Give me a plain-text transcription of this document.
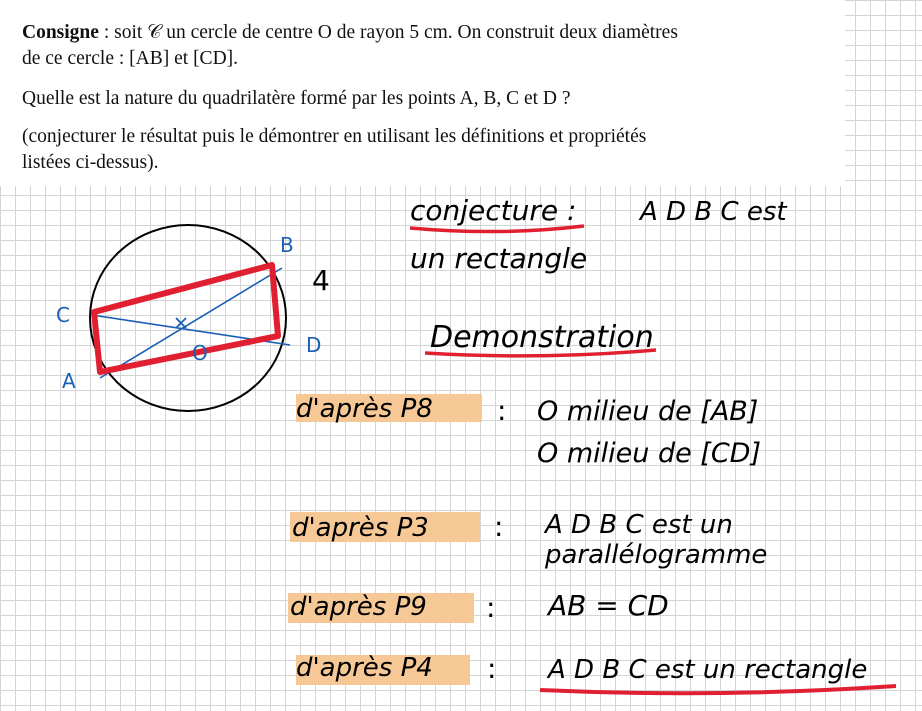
Consigne : soit 𝒞 un cercle de centre O de rayon 5 cm. On construit deux diamètres
de ce cercle : [AB] et [CD].
Quelle est la nature du quadrilatère formé par les points A, B, C et D ?
(conjecturer le résultat puis le démontrer en utilisant les définitions et propriétés
listées ci-dessus).
C
A
B
D
O
4
conjecture : A D B C est
un rectangle
Demonstration
d'après P8 : O milieu de [AB]
O milieu de [CD]
d'après P3 : A D B C est un
parallélogramme
d'après P9 : AB = CD
d'après P4 : A D B C est un rectangle
